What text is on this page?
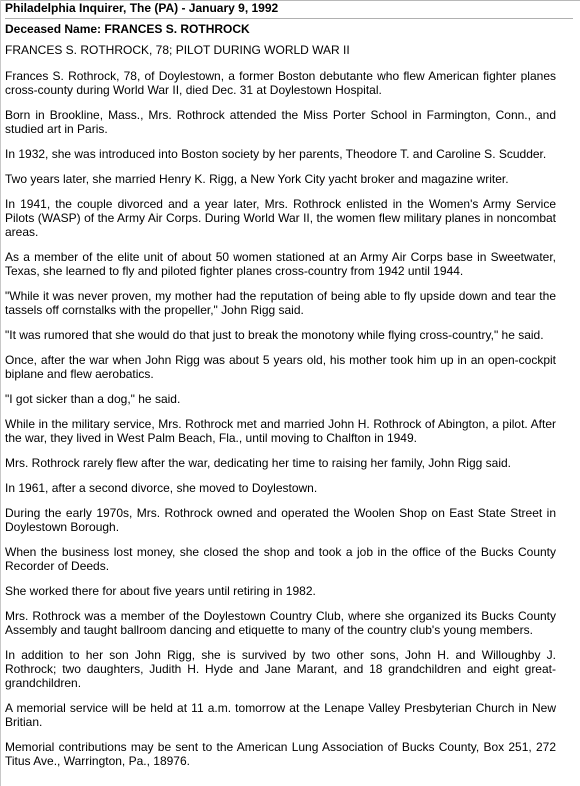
Philadelphia Inquirer, The (PA) - January 9, 1992
Deceased Name: FRANCES S. ROTHROCK
FRANCES S. ROTHROCK, 78; PILOT DURING WORLD WAR II

Frances S. Rothrock, 78, of Doylestown, a former Boston debutante who flew American fighter planes cross-county during World War II, died Dec. 31 at Doylestown Hospital.

Born in Brookline, Mass., Mrs. Rothrock attended the Miss Porter School in Farmington, Conn., and studied art in Paris.

In 1932, she was introduced into Boston society by her parents, Theodore T. and Caroline S. Scudder.

Two years later, she married Henry K. Rigg, a New York City yacht broker and magazine writer.

In 1941, the couple divorced and a year later, Mrs. Rothrock enlisted in the Women's Army Service Pilots (WASP) of the Army Air Corps. During World War II, the women flew military planes in noncombat areas.

As a member of the elite unit of about 50 women stationed at an Army Air Corps base in Sweetwater, Texas, she learned to fly and piloted fighter planes cross-country from 1942 until 1944.

"While it was never proven, my mother had the reputation of being able to fly upside down and tear the tassels off cornstalks with the propeller," John Rigg said.

"It was rumored that she would do that just to break the monotony while flying cross-country," he said.

Once, after the war when John Rigg was about 5 years old, his mother took him up in an open-cockpit biplane and flew aerobatics.

"I got sicker than a dog," he said.

While in the military service, Mrs. Rothrock met and married John H. Rothrock of Abington, a pilot. After the war, they lived in West Palm Beach, Fla., until moving to Chalfton in 1949.

Mrs. Rothrock rarely flew after the war, dedicating her time to raising her family, John Rigg said.

In 1961, after a second divorce, she moved to Doylestown.

During the early 1970s, Mrs. Rothrock owned and operated the Woolen Shop on East State Street in Doylestown Borough.

When the business lost money, she closed the shop and took a job in the office of the Bucks County Recorder of Deeds.

She worked there for about five years until retiring in 1982.

Mrs. Rothrock was a member of the Doylestown Country Club, where she organized its Bucks County Assembly and taught ballroom dancing and etiquette to many of the country club's young members.

In addition to her son John Rigg, she is survived by two other sons, John H. and Willoughby J. Rothrock; two daughters, Judith H. Hyde and Jane Marant, and 18 grandchildren and eight great-grandchildren.

A memorial service will be held at 11 a.m. tomorrow at the Lenape Valley Presbyterian Church in New Britian.

Memorial contributions may be sent to the American Lung Association of Bucks County, Box 251, 272 Titus Ave., Warrington, Pa., 18976.
